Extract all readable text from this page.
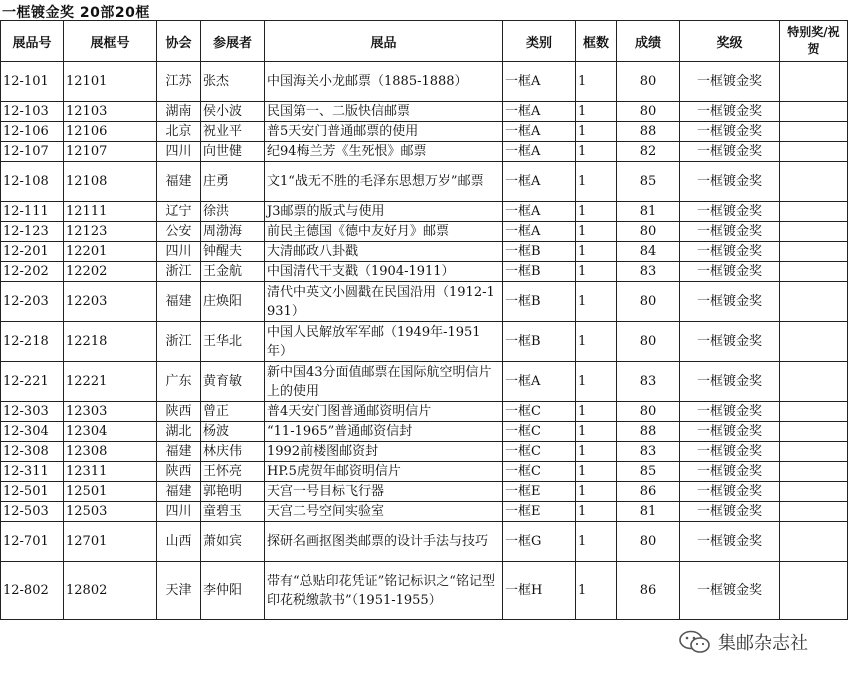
一框镀金奖 20部20框
展品号	展框号	协会	参展者	展品	类别	框数	成绩	奖级	特别奖/祝贺
12-101	12101	江苏	张杰	中国海关小龙邮票（1885-1888）	一框A	1	80	一框镀金奖	
12-103	12103	湖南	侯小波	民国第一、二版快信邮票	一框A	1	80	一框镀金奖	
12-106	12106	北京	祝业平	普5天安门普通邮票的使用	一框A	1	88	一框镀金奖	
12-107	12107	四川	向世健	纪94梅兰芳《生死恨》邮票	一框A	1	82	一框镀金奖	
12-108	12108	福建	庄勇	文1“战无不胜的毛泽东思想万岁”邮票	一框A	1	85	一框镀金奖	
12-111	12111	辽宁	徐洪	J3邮票的版式与使用	一框A	1	81	一框镀金奖	
12-123	12123	公安	周渤海	前民主德国《德中友好月》邮票	一框A	1	80	一框镀金奖	
12-201	12201	四川	钟醒夫	大清邮政八卦戳	一框B	1	84	一框镀金奖	
12-202	12202	浙江	王金航	中国清代干支戳（1904-1911）	一框B	1	83	一框镀金奖	
12-203	12203	福建	庄焕阳	清代中英文小圆戳在民国沿用（1912-1931）	一框B	1	80	一框镀金奖	
12-218	12218	浙江	王华北	中国人民解放军军邮（1949年-1951年）	一框B	1	80	一框镀金奖	
12-221	12221	广东	黄育敏	新中国43分面值邮票在国际航空明信片上的使用	一框A	1	83	一框镀金奖	
12-303	12303	陕西	曾正	普4天安门图普通邮资明信片	一框C	1	80	一框镀金奖	
12-304	12304	湖北	杨波	“11-1965”普通邮资信封	一框C	1	88	一框镀金奖	
12-308	12308	福建	林庆伟	1992前楼图邮资封	一框C	1	83	一框镀金奖	
12-311	12311	陕西	王怀亮	HP.5虎贺年邮资明信片	一框C	1	85	一框镀金奖	
12-501	12501	福建	郭艳明	天宫一号目标飞行器	一框E	1	86	一框镀金奖	
12-503	12503	四川	童碧玉	天宫二号空间实验室	一框E	1	81	一框镀金奖	
12-701	12701	山西	萧如宾	探研名画抠图类邮票的设计手法与技巧	一框G	1	80	一框镀金奖	
12-802	12802	天津	李仲阳	带有“总贴印花凭证”铭记标识之“铭记型印花税缴款书”（1951-1955）	一框H	1	86	一框镀金奖	
集邮杂志社
